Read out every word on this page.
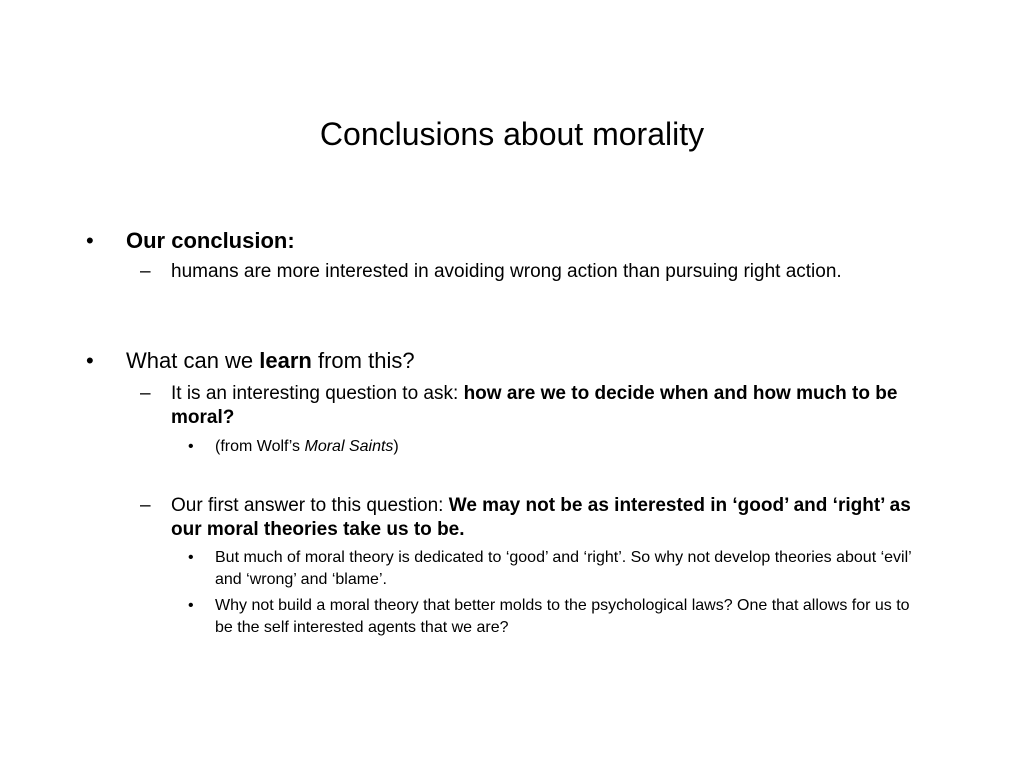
Conclusions about morality
• Our conclusion:
– humans are more interested in avoiding wrong action than pursuing right action.
• What can we learn from this?
– It is an interesting question to ask: how are we to decide when and how much to be moral?
• (from Wolf’s Moral Saints)
– Our first answer to this question: We may not be as interested in ‘good’ and ‘right’ as our moral theories take us to be.
• But much of moral theory is dedicated to ‘good’ and ‘right’. So why not develop theories about ‘evil’ and ‘wrong’ and ‘blame’.
• Why not build a moral theory that better molds to the psychological laws? One that allows for us to be the self interested agents that we are?
